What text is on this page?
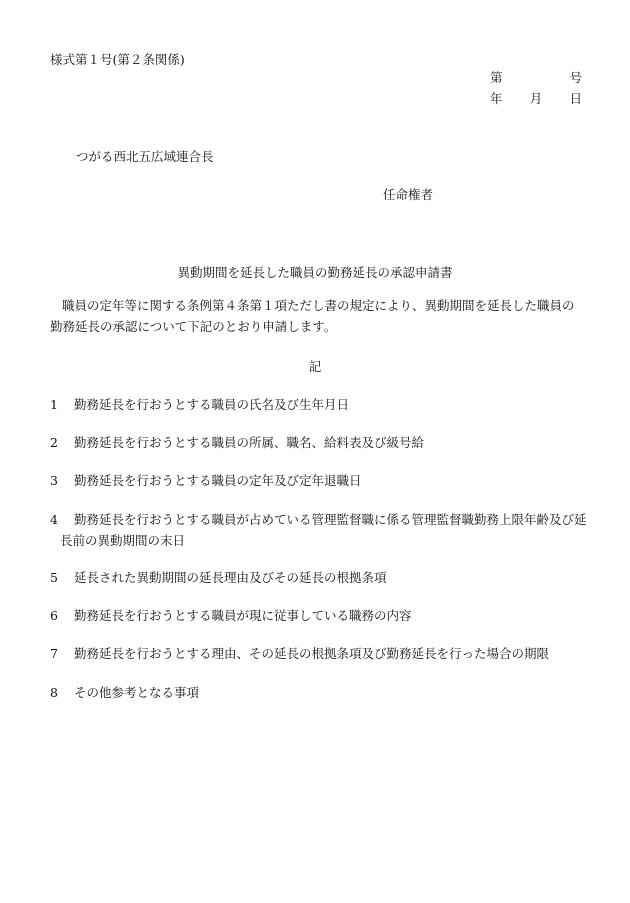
様式第１号(第２条関係)
第	号
年 月 日
つがる西北五広域連合長
任命権者
異動期間を延長した職員の勤務延長の承認申請書
職員の定年等に関する条例第４条第１項ただし書の規定により、異動期間を延長した職員の勤務延長の承認について下記のとおり申請します。
記
1 勤務延長を行おうとする職員の氏名及び生年月日
2 勤務延長を行おうとする職員の所属、職名、給料表及び級号給
3 勤務延長を行おうとする職員の定年及び定年退職日
4	勤務延長を行おうとする職員が占めている管理監督職に係る管理監督職勤務上限年齢及び延長前の異動期間の末日
5 延長された異動期間の延長理由及びその延長の根拠条項
6 勤務延長を行おうとする職員が現に従事している職務の内容
7 勤務延長を行おうとする理由、その延長の根拠条項及び勤務延長を行った場合の期限
8 その他参考となる事項
